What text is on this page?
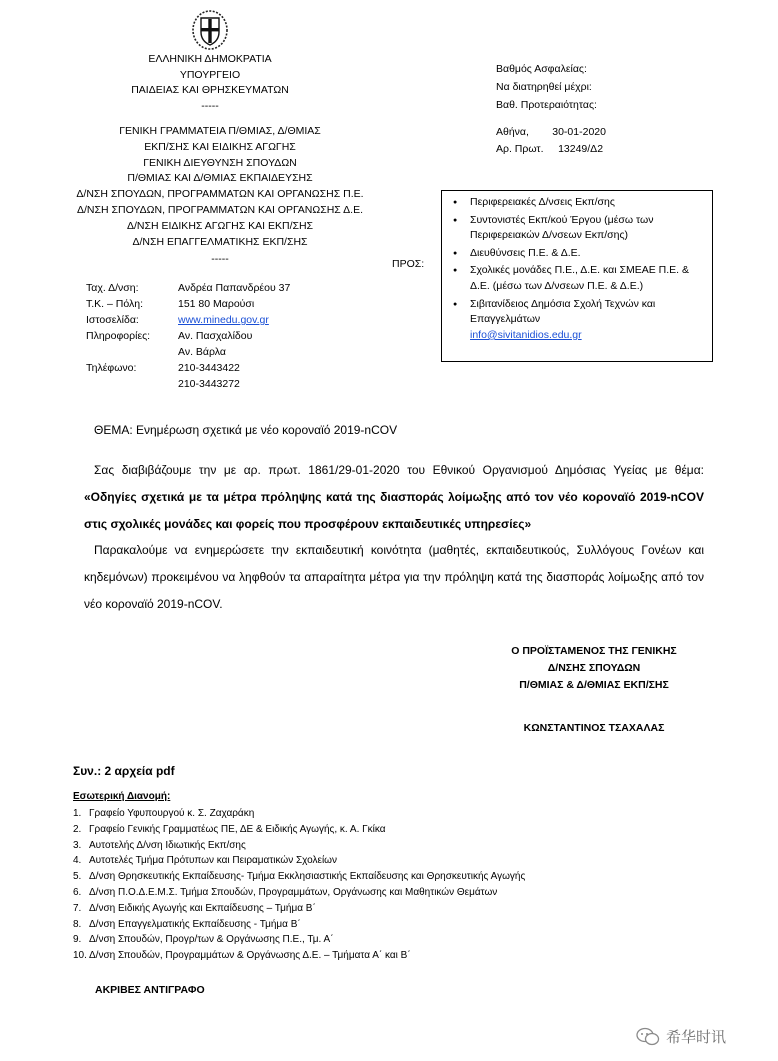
ΕΛΛΗΝΙΚΗ ΔΗΜΟΚΡΑΤΙΑ
ΥΠΟΥΡΓΕΙΟ
ΠΑΙΔΕΙΑΣ ΚΑΙ ΘΡΗΣΚΕΥΜΑΤΩΝ
-----
ΓΕΝΙΚΗ ΓΡΑΜΜΑΤΕΙΑ Π/ΘΜΙΑΣ, Δ/ΘΜΙΑΣ
ΕΚΠ/ΣΗΣ ΚΑΙ ΕΙΔΙΚΗΣ ΑΓΩΓΗΣ
ΓΕΝΙΚΗ ΔΙΕΥΘΥΝΣΗ ΣΠΟΥΔΩΝ
Π/ΘΜΙΑΣ ΚΑΙ Δ/ΘΜΙΑΣ ΕΚΠΑΙΔΕΥΣΗΣ
Δ/ΝΣΗ ΣΠΟΥΔΩΝ, ΠΡΟΓΡΑΜΜΑΤΩΝ ΚΑΙ ΟΡΓΑΝΩΣΗΣ Π.Ε.
Δ/ΝΣΗ ΣΠΟΥΔΩΝ, ΠΡΟΓΡΑΜΜΑΤΩΝ ΚΑΙ ΟΡΓΑΝΩΣΗΣ Δ.Ε.
Δ/ΝΣΗ ΕΙΔΙΚΗΣ ΑΓΩΓΗΣ ΚΑΙ ΕΚΠ/ΣΗΣ
Δ/ΝΣΗ ΕΠΑΓΓΕΛΜΑΤΙΚΗΣ ΕΚΠ/ΣΗΣ
-----
Βαθμός Ασφαλείας:
Να διατηρηθεί μέχρι:
Βαθ. Προτεραιότητας:
Αθήνα,        30-01-2020
Αρ. Πρωτ.     13249/Δ2
Ταχ. Δ/νση:	Ανδρέα Παπανδρέου 37
Τ.Κ. – Πόλη:	151 80 Μαρούσι
Ιστοσελίδα:	www.minedu.gov.gr
Πληροφορίες:	Αν. Πασχαλίδου
Αν. Βάρλα
Τηλέφωνο:	210-3443422
210-3443272
ΠΡΟΣ:
● Περιφερειακές Δ/νσεις Εκπ/σης
● Συντονιστές Εκπ/κού Έργου (μέσω των Περιφερειακών Δ/νσεων Εκπ/σης)
● Διευθύνσεις Π.Ε. & Δ.Ε.
● Σχολικές μονάδες Π.Ε., Δ.Ε. και ΣΜΕΑΕ Π.Ε. & Δ.Ε. (μέσω των Δ/νσεων Π.Ε. & Δ.Ε.)
● Σιβιτανίδειος Δημόσια Σχολή Τεχνών και Επαγγελμάτων
info@sivitanidios.edu.gr
ΘΕΜΑ: Ενημέρωση σχετικά με νέο κοροναϊό 2019-nCOV
Σας διαβιβάζουμε την με αρ. πρωτ. 1861/29-01-2020 του Εθνικού Οργανισμού Δημόσιας Υγείας με θέμα: «Οδηγίες σχετικά με τα μέτρα πρόληψης κατά της διασποράς λοίμωξης από τον νέο κοροναϊό 2019-nCOV στις σχολικές μονάδες και φορείς που προσφέρουν εκπαιδευτικές υπηρεσίες»
Παρακαλούμε να ενημερώσετε την εκπαιδευτική κοινότητα (μαθητές, εκπαιδευτικούς, Συλλόγους Γονέων και κηδεμόνων) προκειμένου να ληφθούν τα απαραίτητα μέτρα για την πρόληψη κατά της διασποράς λοίμωξης από τον νέο κοροναϊό 2019-nCOV.
Ο ΠΡΟΪΣΤΑΜΕΝΟΣ ΤΗΣ ΓΕΝΙΚΗΣ
Δ/ΝΣΗΣ ΣΠΟΥΔΩΝ
Π/ΘΜΙΑΣ & Δ/ΘΜΙΑΣ ΕΚΠ/ΣΗΣ
ΚΩΝΣΤΑΝΤΙΝΟΣ ΤΣΑΧΑΛΑΣ
Συν.: 2 αρχεία pdf
Εσωτερική Διανομή:
1. Γραφείο Υφυπουργού κ. Σ. Ζαχαράκη
2. Γραφείο Γενικής Γραμματέως ΠΕ, ΔΕ & Ειδικής Αγωγής, κ. Α. Γκίκα
3. Αυτοτελής Δ/νση Ιδιωτικής Εκπ/σης
4. Αυτοτελές Τμήμα Πρότυπων και Πειραματικών Σχολείων
5. Δ/νση Θρησκευτικής Εκπαίδευσης- Τμήμα Εκκλησιαστικής Εκπαίδευσης και Θρησκευτικής Αγωγής
6. Δ/νση Π.Ο.Δ.Ε.Μ.Σ. Τμήμα Σπουδών, Προγραμμάτων, Οργάνωσης και Μαθητικών Θεμάτων
7. Δ/νση Ειδικής Αγωγής και Εκπαίδευσης – Τμήμα Β΄
8. Δ/νση Επαγγελματικής Εκπαίδευσης - Τμήμα Β΄
9. Δ/νση Σπουδών, Προγρ/των & Οργάνωσης Π.Ε., Τμ. Α΄
10. Δ/νση Σπουδών, Προγραμμάτων & Οργάνωσης Δ.Ε. – Τμήματα Α΄ και Β΄
ΑΚΡΙΒΕΣ ΑΝΤΙΓΡΑΦΟ
希华时讯
